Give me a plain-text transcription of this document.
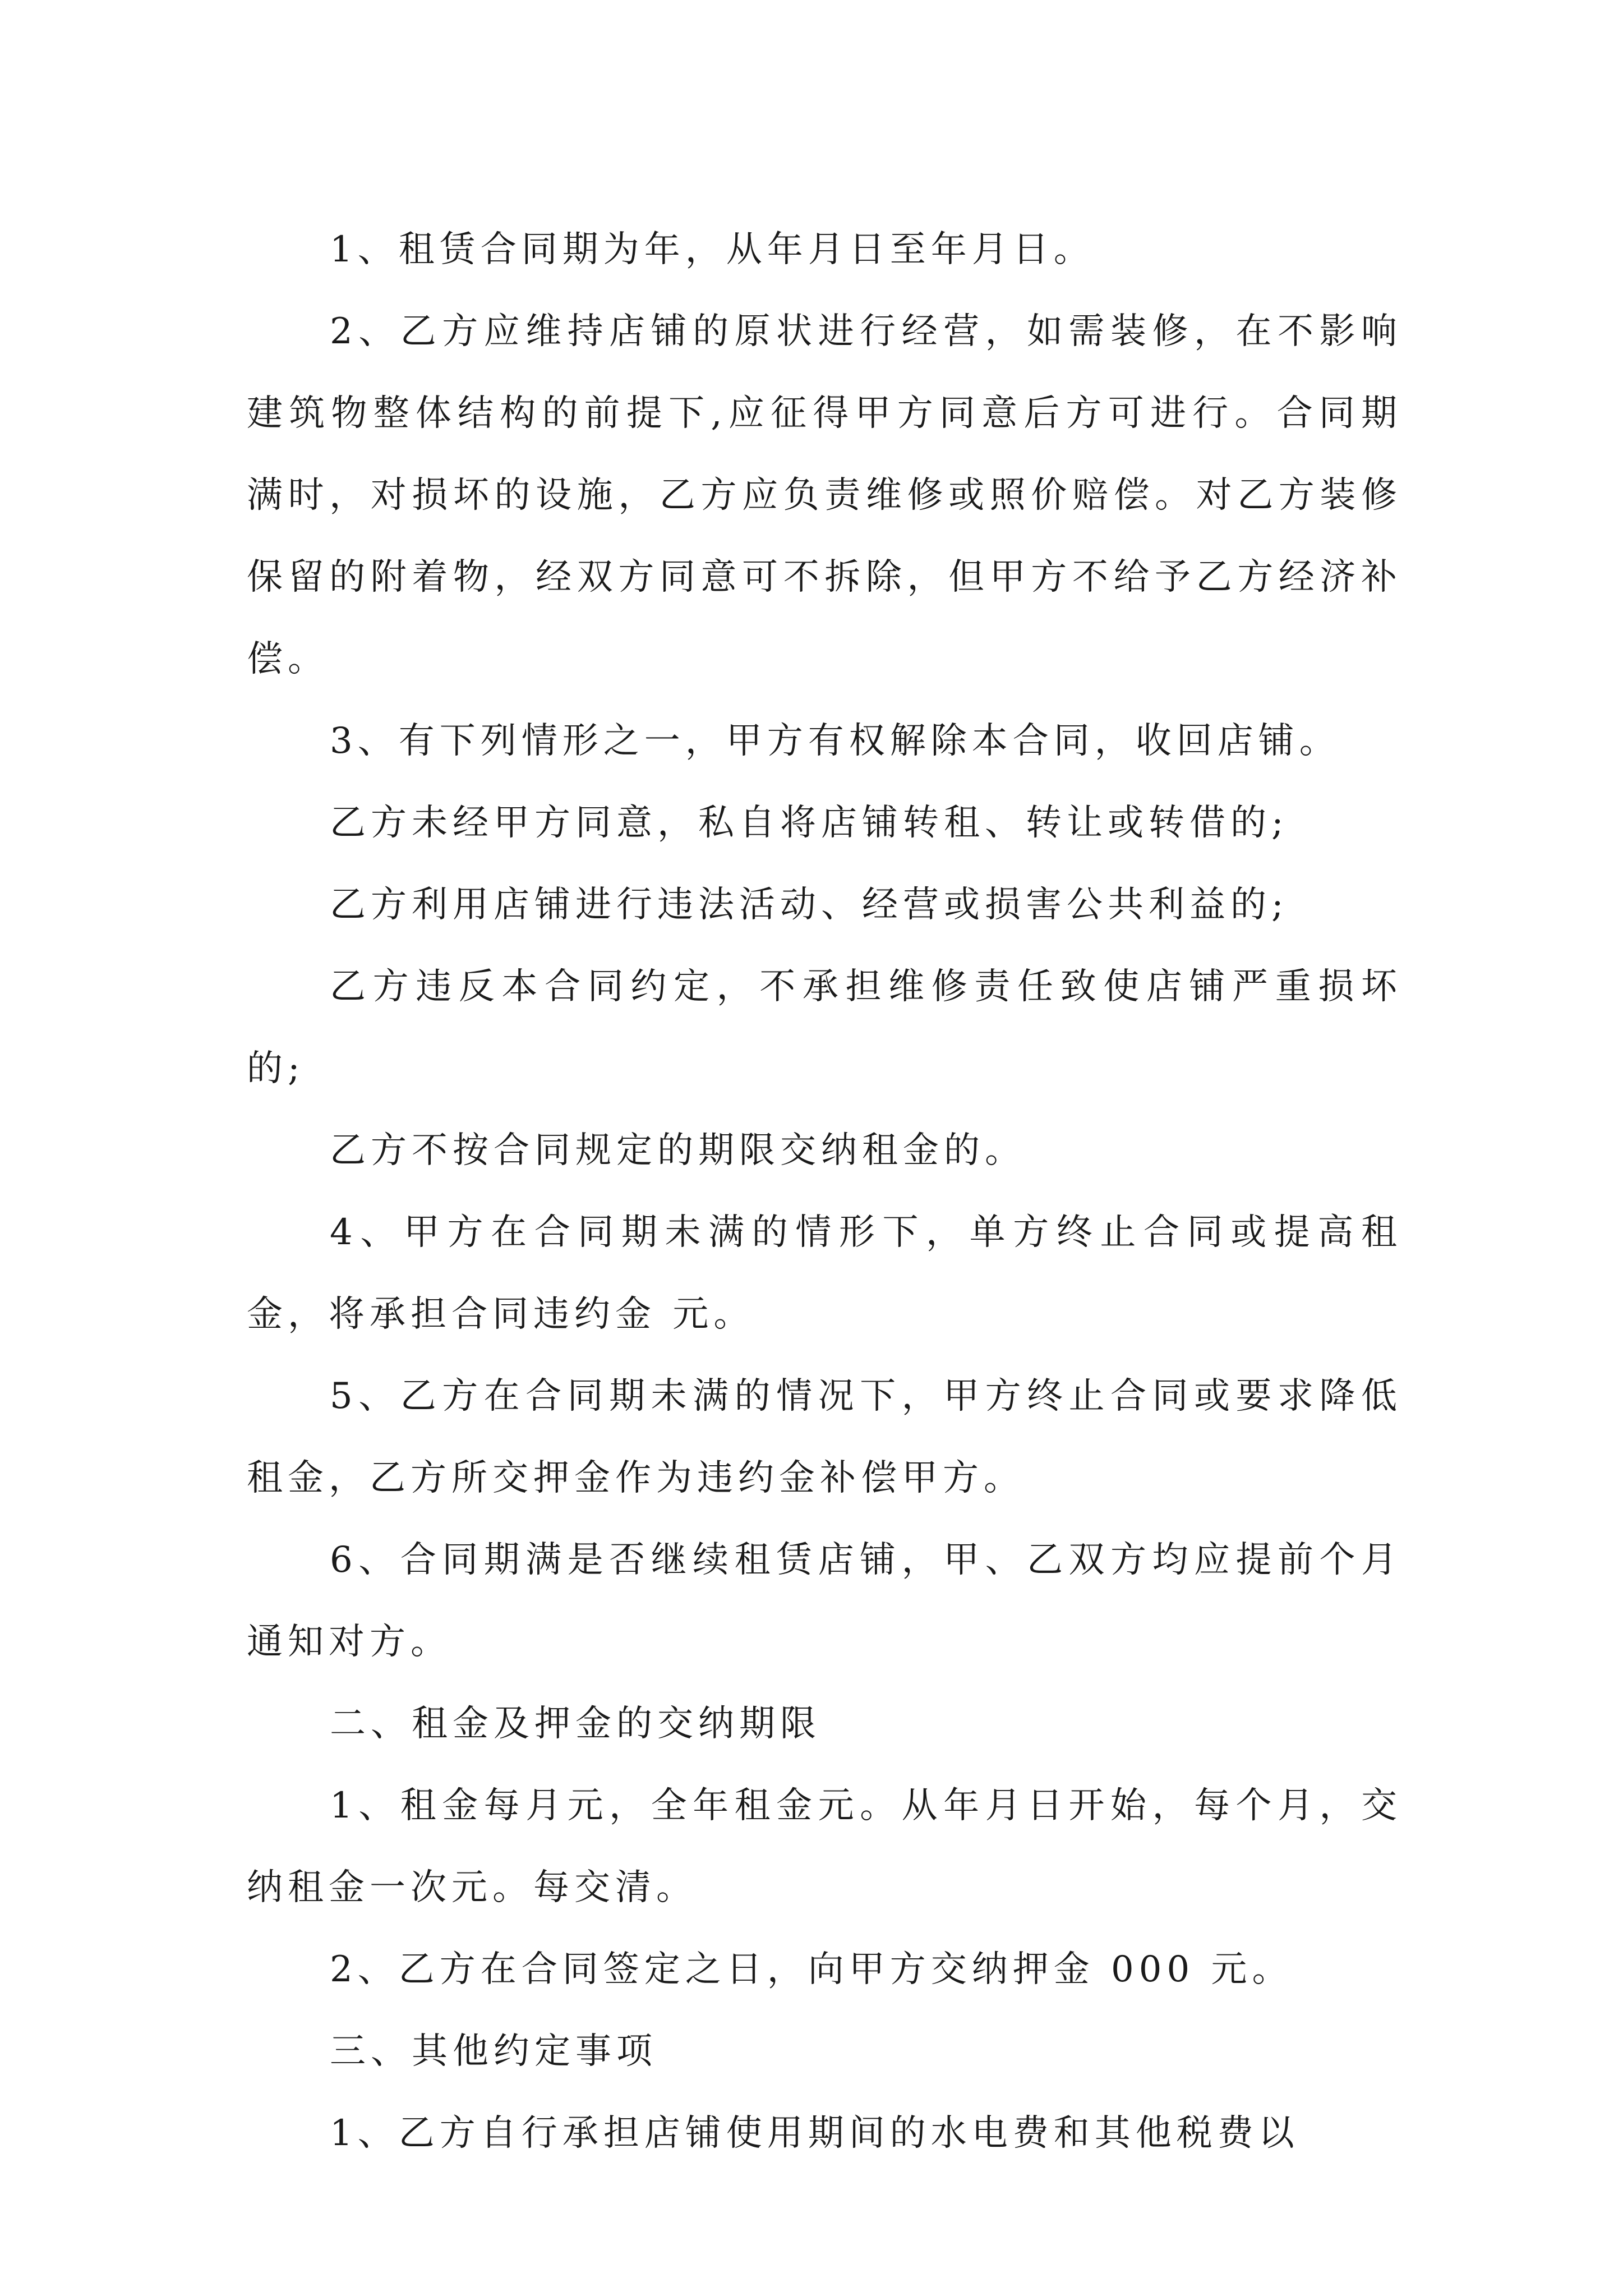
1、租赁合同期为年，从年月日至年月日。

2、乙方应维持店铺的原状进行经营，如需装修，在不影响建筑物整体结构的前提下,应征得甲方同意后方可进行。合同期满时，对损坏的设施，乙方应负责维修或照价赔偿。对乙方装修保留的附着物，经双方同意可不拆除，但甲方不给予乙方经济补偿。

3、有下列情形之一，甲方有权解除本合同，收回店铺。

乙方未经甲方同意，私自将店铺转租、转让或转借的;

乙方利用店铺进行违法活动、经营或损害公共利益的;

乙方违反本合同约定，不承担维修责任致使店铺严重损坏的;

乙方不按合同规定的期限交纳租金的。

4、甲方在合同期未满的情形下，单方终止合同或提高租金，将承担合同违约金 元。

5、乙方在合同期未满的情况下，甲方终止合同或要求降低租金，乙方所交押金作为违约金补偿甲方。

6、合同期满是否继续租赁店铺，甲、乙双方均应提前个月通知对方。

二、租金及押金的交纳期限

1、租金每月元，全年租金元。从年月日开始，每个月，交纳租金一次元。每交清。

2、乙方在合同签定之日，向甲方交纳押金 000 元。

三、其他约定事项

1、乙方自行承担店铺使用期间的水电费和其他税费以
